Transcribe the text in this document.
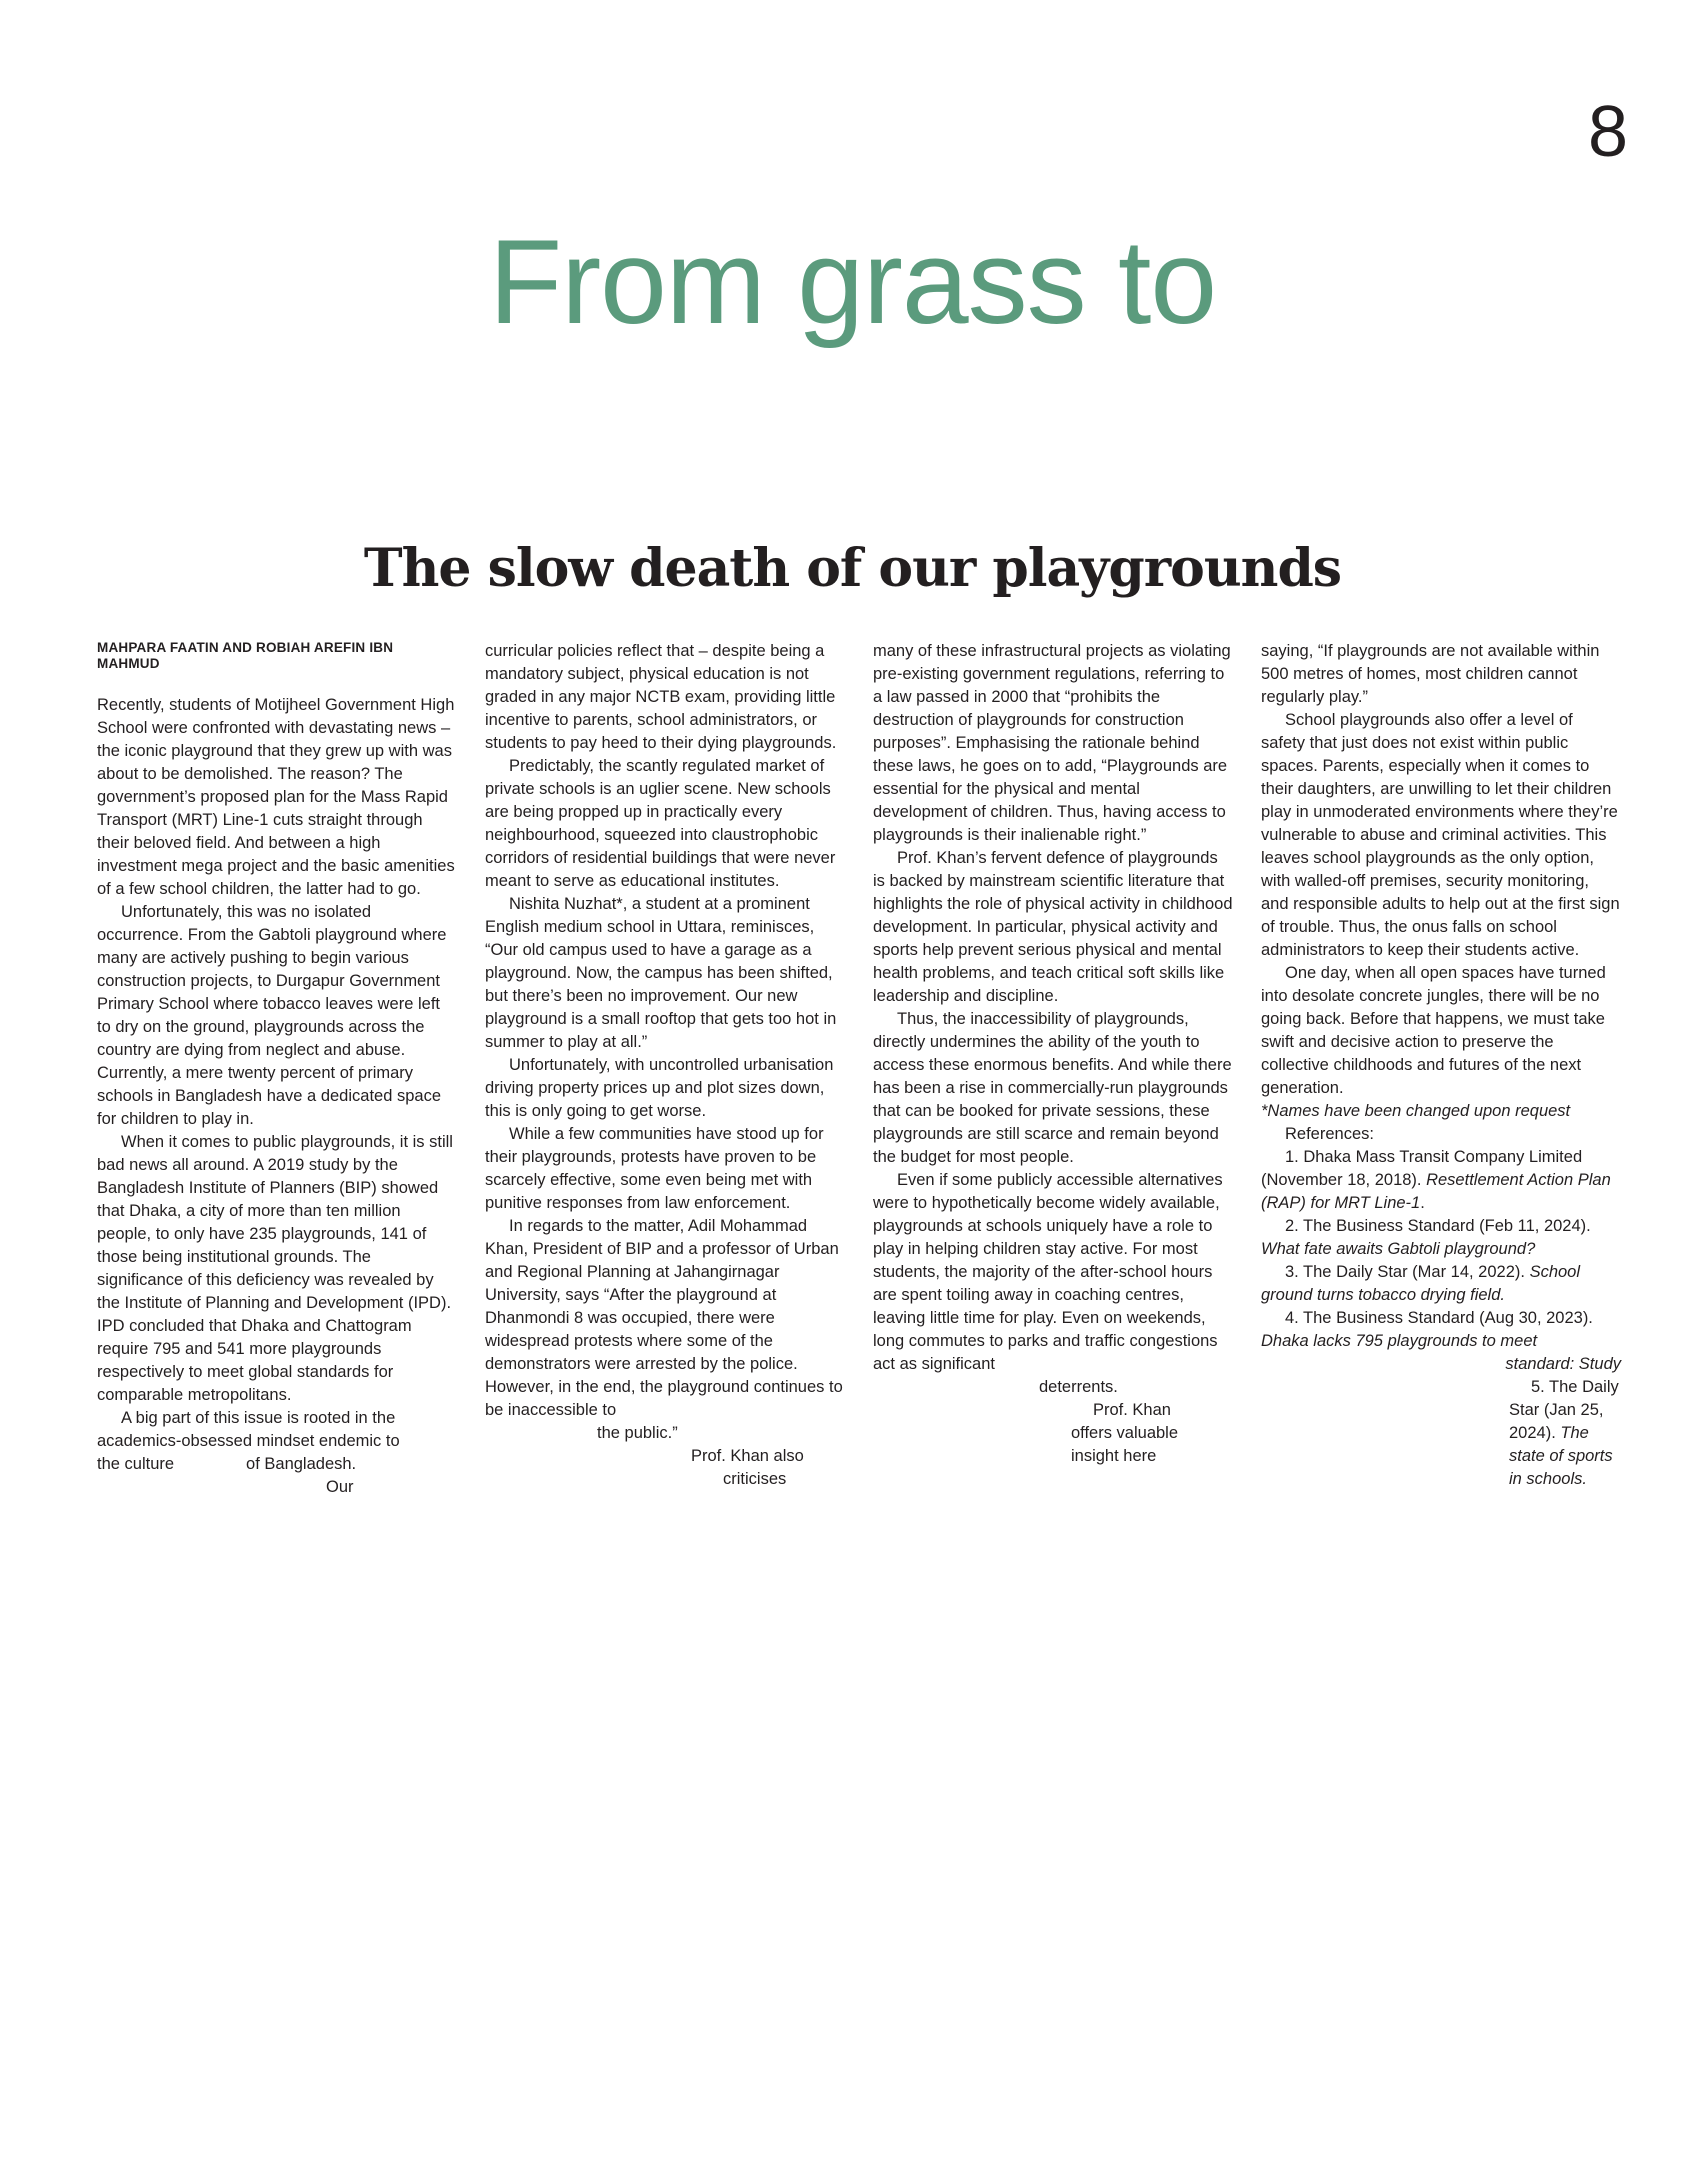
8
From grass to
The slow death of our playgrounds
MAHPARA FAATIN AND ROBIAH AREFIN IBN MAHMUD

Recently, students of Motijheel Government High School were confronted with devastating news – the iconic playground that they grew up with was about to be demolished. The reason? The government’s proposed plan for the Mass Rapid Transport (MRT) Line-1 cuts straight through their beloved field. And between a high investment mega project and the basic amenities of a few school children, the latter had to go.

Unfortunately, this was no isolated occurrence. From the Gabtoli playground where many are actively pushing to begin various construction projects, to Durgapur Government Primary School where tobacco leaves were left to dry on the ground, playgrounds across the country are dying from neglect and abuse. Currently, a mere twenty percent of primary schools in Bangladesh have a dedicated space for children to play in.

When it comes to public playgrounds, it is still bad news all around. A 2019 study by the Bangladesh Institute of Planners (BIP) showed that Dhaka, a city of more than ten million people, to only have 235 playgrounds, 141 of those being institutional grounds. The significance of this deficiency was revealed by the Institute of Planning and Development (IPD). IPD concluded that Dhaka and Chattogram require 795 and 541 more playgrounds respectively to meet global standards for comparable metropolitans.

A big part of this issue is rooted in the academics-obsessed mindset endemic to

the culture	of Bangladesh.
Our

curricular policies reflect that – despite being a mandatory subject, physical education is not graded in any major NCTB exam, providing little incentive to parents, school administrators, or students to pay heed to their dying playgrounds.

Predictably, the scantly regulated market of private schools is an uglier scene. New schools are being propped up in practically every neighbourhood, squeezed into claustrophobic corridors of residential buildings that were never meant to serve as educational institutes.

Nishita Nuzhat*, a student at a prominent English medium school in Uttara, reminisces, “Our old campus used to have a garage as a playground. Now, the campus has been shifted, but there’s been no improvement. Our new playground is a small rooftop that gets too hot in summer to play at all.”

Unfortunately, with uncontrolled urbanisation driving property prices up and plot sizes down, this is only going to get worse.

While a few communities have stood up for their playgrounds, protests have proven to be scarcely effective, some even being met with punitive responses from law enforcement.

In regards to the matter, Adil Mohammad Khan, President of BIP and a professor of Urban and Regional Planning at Jahangirnagar University, says “After the playground at Dhanmondi 8 was occupied, there were widespread protests where some of the demonstrators were arrested by the police. However, in the end, the playground continues to be inaccessible to

the public.”
Prof. Khan also
criticises

many of these infrastructural projects as violating pre-existing government regulations, referring to a law passed in 2000 that “prohibits the destruction of playgrounds for construction purposes”. Emphasising the rationale behind these laws, he goes on to add, “Playgrounds are essential for the physical and mental development of children. Thus, having access to playgrounds is their inalienable right.”

Prof. Khan’s fervent defence of playgrounds is backed by mainstream scientific literature that highlights the role of physical activity in childhood development. In particular, physical activity and sports help prevent serious physical and mental health problems, and teach critical soft skills like leadership and discipline.

Thus, the inaccessibility of playgrounds, directly undermines the ability of the youth to access these enormous benefits. And while there has been a rise in commercially-run playgrounds that can be booked for private sessions, these playgrounds are still scarce and remain beyond the budget for most people.

Even if some publicly accessible alternatives were to hypothetically become widely available, playgrounds at schools uniquely have a role to play in helping children stay active. For most students, the majority of the after-school hours are spent toiling away in coaching centres, leaving little time for play. Even on weekends, long commutes to parks and traffic congestions act as significant

deterrents.
Prof. Khan
offers valuable
insight here

saying, “If playgrounds are not available within 500 metres of homes, most children cannot regularly play.”

School playgrounds also offer a level of safety that just does not exist within public spaces. Parents, especially when it comes to their daughters, are unwilling to let their children play in unmoderated environments where they’re vulnerable to abuse and criminal activities. This leaves school playgrounds as the only option, with walled-off premises, security monitoring, and responsible adults to help out at the first sign of trouble. Thus, the onus falls on school administrators to keep their students active.

One day, when all open spaces have turned into desolate concrete jungles, there will be no going back. Before that happens, we must take swift and decisive action to preserve the collective childhoods and futures of the next generation.

*Names have been changed upon request

References:

1. Dhaka Mass Transit Company Limited (November 18, 2018). Resettlement Action Plan (RAP) for MRT Line-1.

2. The Business Standard (Feb 11, 2024). What fate awaits Gabtoli playground?

3. The Daily Star (Mar 14, 2022). School ground turns tobacco drying field.

4. The Business Standard (Aug 30, 2023). Dhaka lacks 795 playgrounds to meet

standard: Study
5. The Daily
Star (Jan 25,
2024). The
state of sports
in schools.
